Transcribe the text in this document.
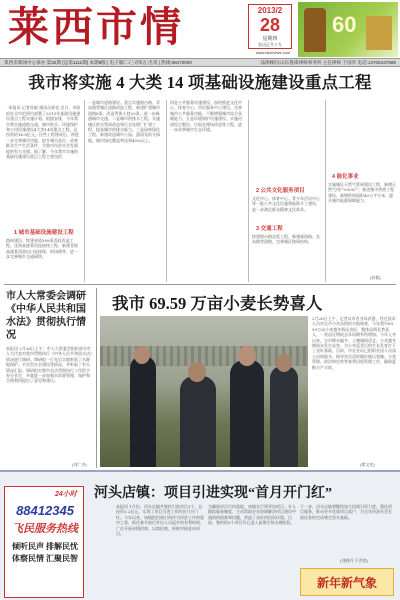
莱西市情	2013/2
28
星期四
农历正月十九
www.laixinews.com
60
莱西市新闻中心承办 第32期 (总第1111期) 本期8版 | 电子版/二/三/四/五 出刊 | 热线:88470000	法律顾问:山东鲁锋律师事务所 主任律师 于国华 电话:13705437588
我市将实施 4 大类 14 项基础设施建设重点工程

本报讯 记者孙毅 通讯员崔亮 近日，市政府在全市范围内部署了2013年基础设施建设重点工程实施计划。根据安排，今年我市将实施道路交通、城市供水、环境保护和公用设施建设4大类14项重点工程，总投资约16.8亿元。这些工程建成后，将进一步完善城市功能，提升城市品位，改善群众生产生活条件，为我市经济社会发展提供有力支撑。据了解，今年我市实施的基础设施建设重点工程主要包括：

1 城市基础设施建设工程
路网建设。续建省道308莱西段改造工程、沈海高速莱西连接线工程，新建青银高速莱西南出口连接线、机场路等，进一步完善城乡交通网络。
一是城市道路建设。重点实施烟台路、青岛路等城区道路改造工程，新建扩建城市道路8条，改造背街小巷20条，进一步畅通城市交通。二是城市供排水工程。实施城区供水管网改造和污水处理厂扩建工程，提高城市供排水能力。三是园林绿化工程。新建改造城市公园、游园及街头绿地，城市绿化覆盖率达到40%以上。
四是公共服务设施建设。加快推进文化中心、体育中心、市民服务中心建设，完善城市公共服务功能，不断增强城市综合承载能力。五是环境保护设施建设。实施河道综合整治、垃圾处理场改造等工程，进一步改善城市生态环境。
2 公共文化服务项目
文化中心、体育中心、青少年活动中心等一批公共文化设施将陆续开工建设，进一步满足群众精神文化需求。
3 交通工程
续建烟台路北延工程，新建威海路、长岛路等道路，完善城区路网结构。
4 能化事业
实施城区天然气管网建设工程，新增天然气用户5000户；推进集中供热工程建设，新增供热面积40万平方米，提升城市能源保障能力。
(孙毅)
市人大常委会调研《中华人民共和国水法》贯彻执行情况
本报讯 2月26日上午，市人大常委会组织部分市人大代表对我市贯彻执行《中华人民共和国水法》情况进行调研。调研组一行先后实地察看了水源地保护、节水型社会建设等情况，并听取了有关情况汇报。调研组对我市水法贯彻执行工作给予充分肯定，并就进一步加强水资源管理、保护和合理利用提出了意见和建议。
(刘广杰)
我市 69.59 万亩小麦长势喜人
2月26日上午，记者从市农业局获悉，经过技术人员对全市小麦苗情的实地调查，今年我市69.59万亩小麦越冬情况良好，整体苗情长势喜人，一类苗比例较去年同期有所增加。今年入冬以来，全市降水偏多，土壤墒情适宜，小麦越冬期间未发生冻害，为小麦返青后的生长发育打下了良好基础。目前，市农业局已组织农技人员深入田间地头，指导农民适时做好镇压划锄、分类管理、防治病虫害等春季田间管理工作，确保夏粮丰产丰收。
(徐文亮)
河头店镇：项目引进实现“首月开门红”
24小时
88412345
飞民服务热线
倾听民声 排解民忧
体察民情 汇聚民智
本报讯 1月份，河头店镇共签约引进项目3个，总投资3.2亿元，实现了项目引进工作的首月开门红。今年以来，该镇把招商引资作为经济工作的重中之重，抓住春节前后外出人员返乡的有利时机，广泛开展亲情招商、以商招商，积极对接意向项目。
为确保项目尽快落地，该镇实行领导包项目、专人跟踪服务制度，主动帮助企业协调解决项目建设中遇到的困难和问题，营造了良好的投资环境。目前，签约的3个项目均已进入前期手续办理阶段。
下一步，河头店镇将继续加大招商引资力度，强化项目服务，推动更多优质项目落户，为全年经济社会发展任务的完成奠定坚实基础。
(刘晓丹 于洪滨)
新年新气象
